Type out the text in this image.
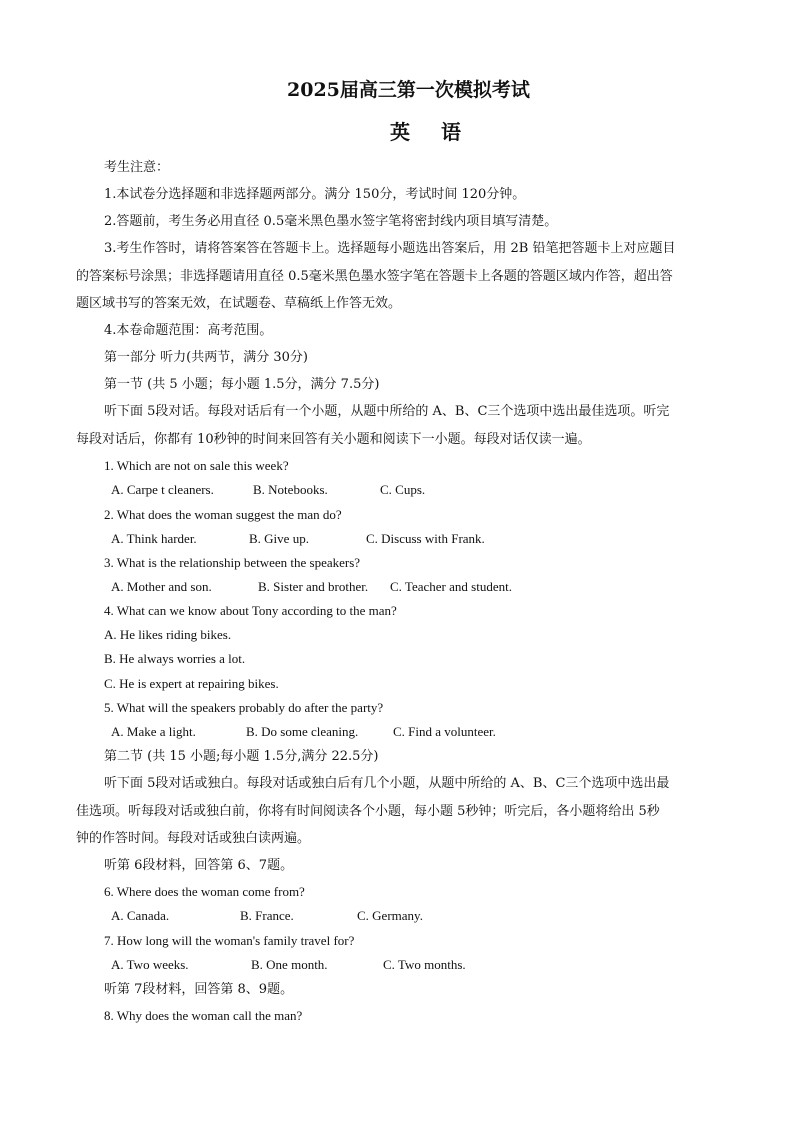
2025届高三第一次模拟考试
英 语
考生注意：
1.本试卷分选择题和非选择题两部分。满分 150分，考试时间 120分钟。
2.答题前，考生务必用直径 0.5毫米黑色墨水签字笔将密封线内项目填写清楚。
3.考生作答时，请将答案答在答题卡上。选择题每小题选出答案后，用 2B 铅笔把答题卡上对应题目
的答案标号涂黑；非选择题请用直径 0.5毫米黑色墨水签字笔在答题卡上各题的答题区域内作答，超出答
题区域书写的答案无效，在试题卷、草稿纸上作答无效。
4.本卷命题范围：高考范围。
第一部分 听力(共两节，满分 30分)
第一节 (共 5 小题；每小题 1.5分，满分 7.5分)
听下面 5段对话。每段对话后有一个小题，从题中所给的 A、B、C三个选项中选出最佳选项。听完
每段对话后，你都有 10秒钟的时间来回答有关小题和阅读下一小题。每段对话仅读一遍。
1. Which are not on sale this week?
A. Carpe t cleaners.	B. Notebooks.	C. Cups.
2. What does the woman suggest the man do?
A. Think harder.	B. Give up.	C. Discuss with Frank.
3. What is the relationship between the speakers?
A. Mother and son.	B. Sister and brother. C. Teacher and student.
4. What can we know about Tony according to the man?
A. He likes riding bikes.
B. He always worries a lot.
C. He is expert at repairing bikes.
5. What will the speakers probably do after the party?
A. Make a light.	B. Do some cleaning.	C. Find a volunteer.
第二节 (共 15 小题;每小题 1.5分,满分 22.5分)
听下面 5段对话或独白。每段对话或独白后有几个小题，从题中所给的 A、B、C三个选项中选出最
佳选项。听每段对话或独白前，你将有时间阅读各个小题，每小题 5秒钟；听完后，各小题将给出 5秒
钟的作答时间。每段对话或独白读两遍。
听第 6段材料，回答第 6、7题。
6. Where does the woman come from?
A. Canada.	B. France.	C. Germany.
7. How long will the woman's family travel for?
A. Two weeks.	B. One month.	C. Two months.
听第 7段材料，回答第 8、9题。
8. Why does the woman call the man?
